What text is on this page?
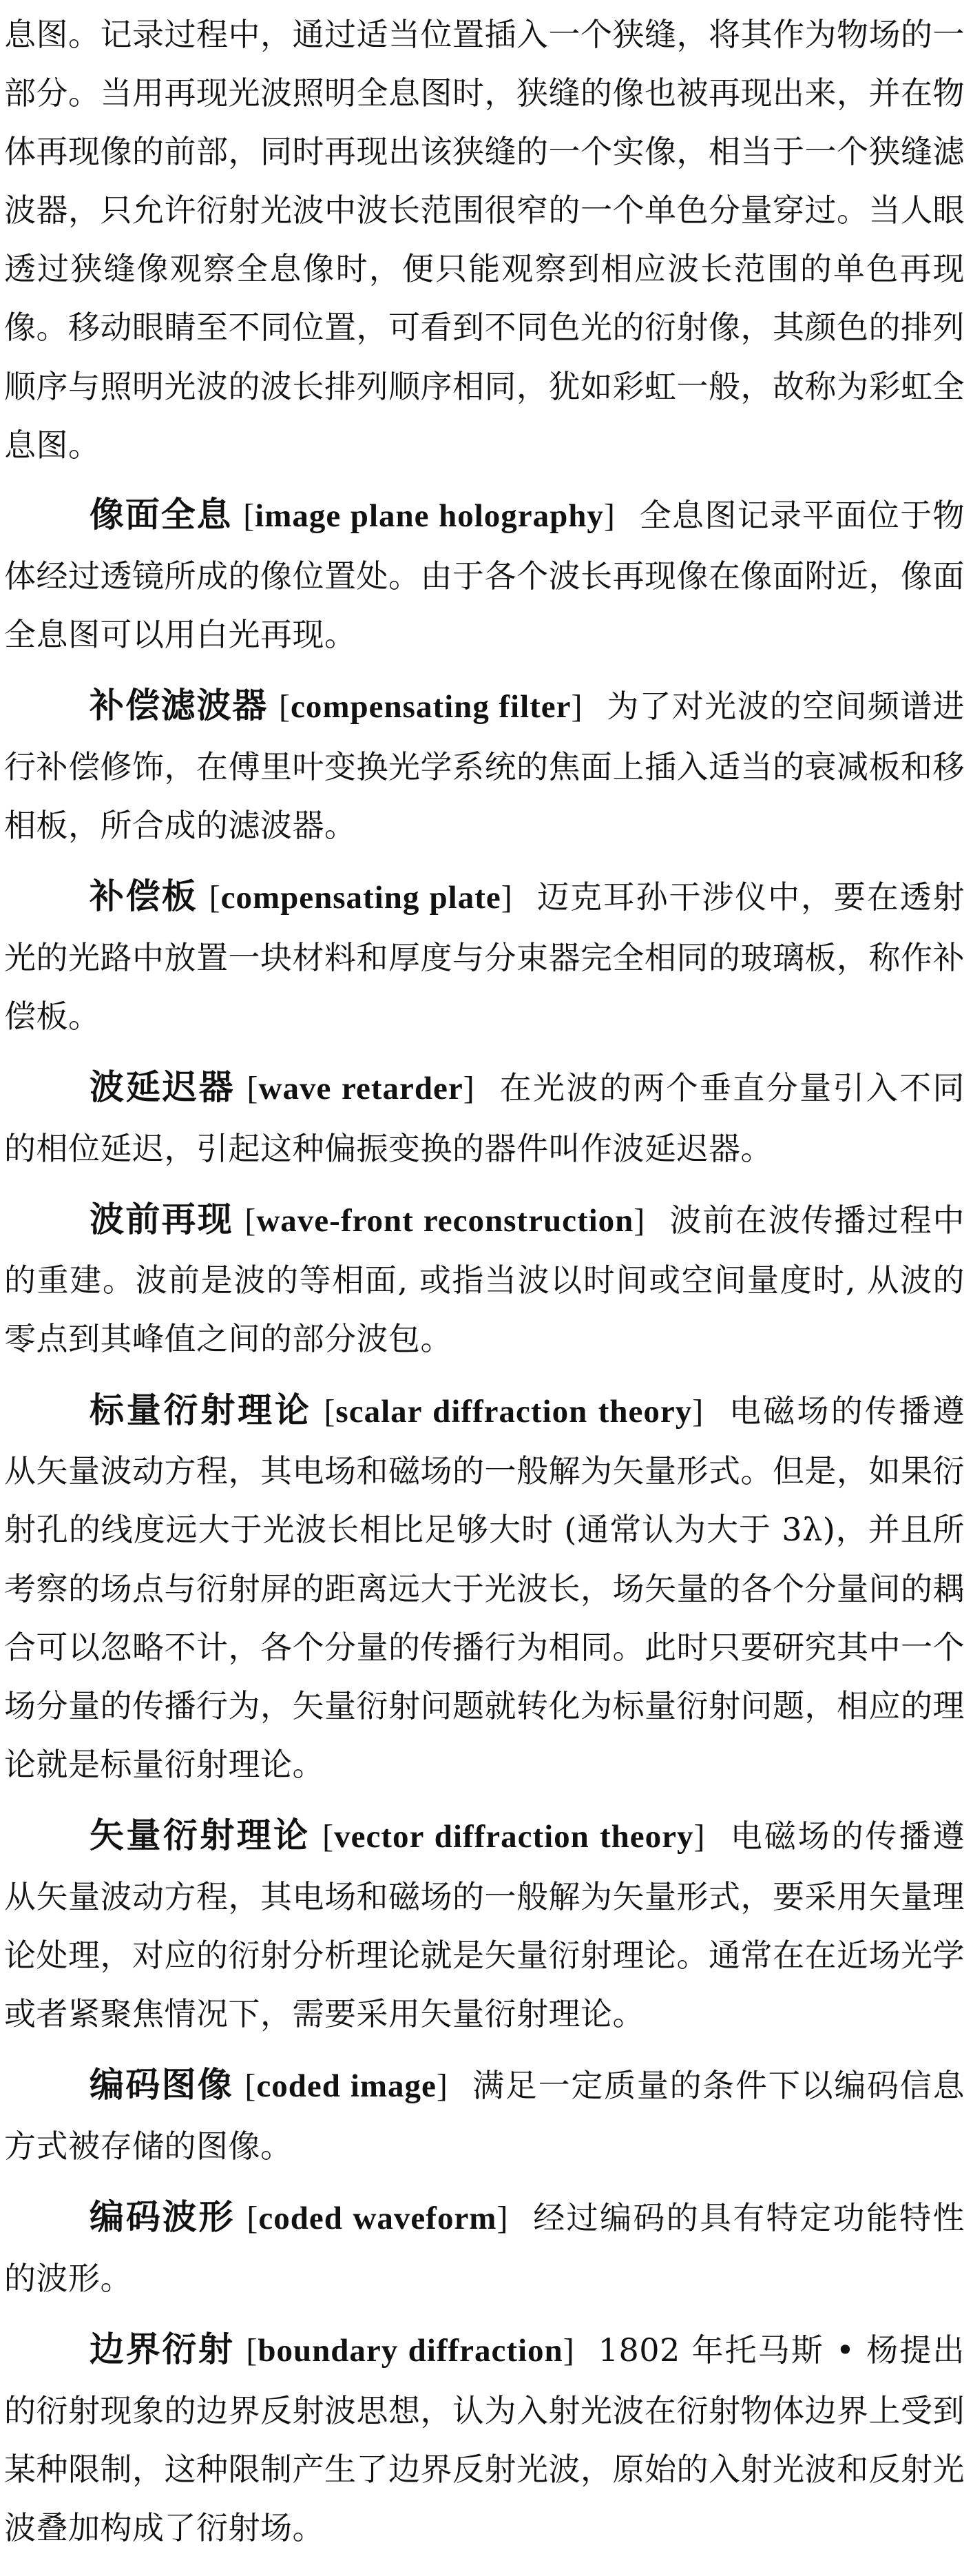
息图。记录过程中，通过适当位置插入一个狭缝，将其作为物场的一部分。当用再现光波照明全息图时，狭缝的像也被再现出来，并在物体再现像的前部，同时再现出该狭缝的一个实像，相当于一个狭缝滤波器，只允许衍射光波中波长范围很窄的一个单色分量穿过。当人眼透过狭缝像观察全息像时，便只能观察到相应波长范围的单色再现像。移动眼睛至不同位置，可看到不同色光的衍射像，其颜色的排列顺序与照明光波的波长排列顺序相同，犹如彩虹一般，故称为彩虹全息图。

像面全息 [image plane holography] 全息图记录平面位于物体经过透镜所成的像位置处。由于各个波长再现像在像面附近，像面全息图可以用白光再现。

补偿滤波器 [compensating filter] 为了对光波的空间频谱进行补偿修饰，在傅里叶变换光学系统的焦面上插入适当的衰减板和移相板，所合成的滤波器。

补偿板 [compensating plate] 迈克耳孙干涉仪中，要在透射光的光路中放置一块材料和厚度与分束器完全相同的玻璃板，称作补偿板。

波延迟器 [wave retarder] 在光波的两个垂直分量引入不同的相位延迟，引起这种偏振变换的器件叫作波延迟器。

波前再现 [wave-front reconstruction] 波前在波传播过程中的重建。波前是波的等相面, 或指当波以时间或空间量度时, 从波的零点到其峰值之间的部分波包。

标量衍射理论 [scalar diffraction theory] 电磁场的传播遵从矢量波动方程，其电场和磁场的一般解为矢量形式。但是，如果衍射孔的线度远大于光波长相比足够大时 (通常认为大于 3λ)，并且所考察的场点与衍射屏的距离远大于光波长，场矢量的各个分量间的耦合可以忽略不计，各个分量的传播行为相同。此时只要研究其中一个场分量的传播行为，矢量衍射问题就转化为标量衍射问题，相应的理论就是标量衍射理论。

矢量衍射理论 [vector diffraction theory] 电磁场的传播遵从矢量波动方程，其电场和磁场的一般解为矢量形式，要采用矢量理论处理，对应的衍射分析理论就是矢量衍射理论。通常在在近场光学或者紧聚焦情况下，需要采用矢量衍射理论。

编码图像 [coded image] 满足一定质量的条件下以编码信息方式被存储的图像。

编码波形 [coded waveform] 经过编码的具有特定功能特性的波形。

边界衍射 [boundary diffraction] 1802 年托马斯 • 杨提出的衍射现象的边界反射波思想，认为入射光波在衍射物体边界上受到某种限制，这种限制产生了边界反射光波，原始的入射光波和反射光波叠加构成了衍射场。
